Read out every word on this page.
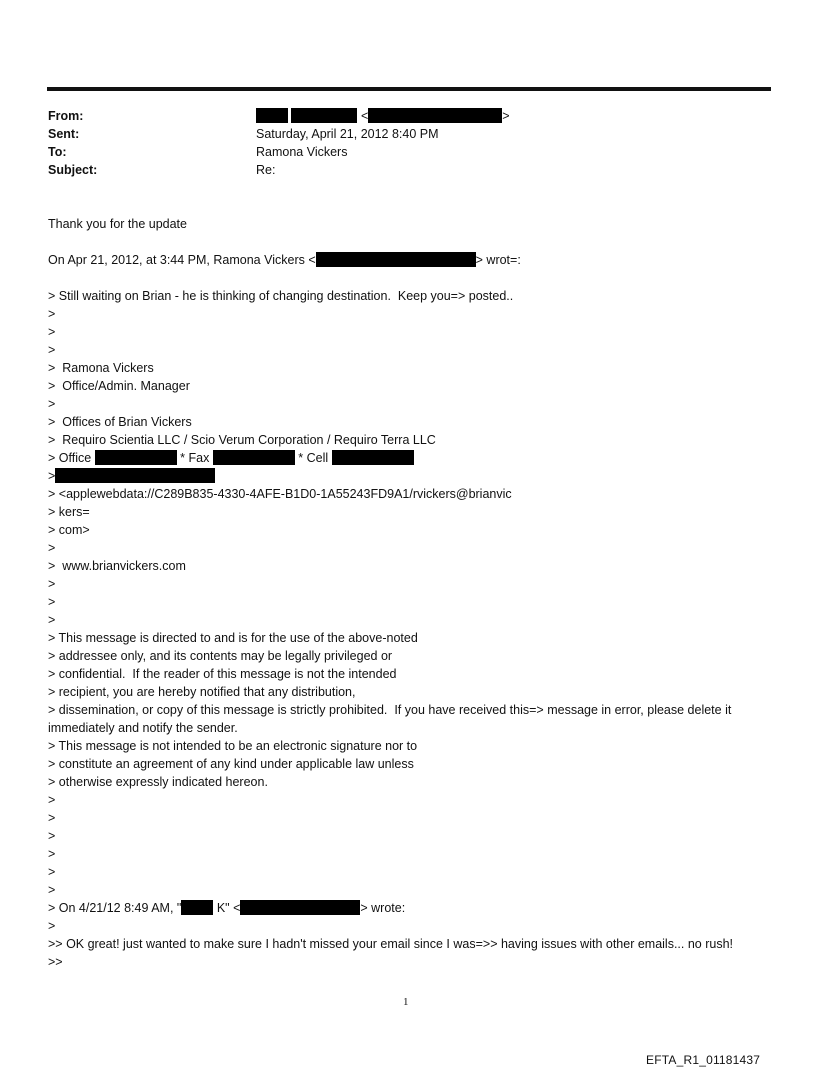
From:	<	>
Sent:	Saturday, April 21, 2012 8:40 PM
To:	Ramona Vickers
Subject:	Re:
Thank you for the update
On Apr 21, 2012, at 3:44 PM, Ramona Vickers <	> wrot=:
> Still waiting on Brian - he is thinking of changing destination.  Keep you=> posted..
>
>
>
>  Ramona Vickers
>  Office/Admin. Manager
>
>  Offices of Brian Vickers
>  Requiro Scientia LLC / Scio Verum Corporation / Requiro Terra LLC
> Office	* Fax	* Cell
>
> <applewebdata://C289B835-4330-4AFE-B1D0-1A55243FD9A1/rvickers@brianvic
> kers=
> com>
>
>  www.brianvickers.com
>
>
>
> This message is directed to and is for the use of the above-noted
> addressee only, and its contents may be legally privileged or
> confidential.  If the reader of this message is not the intended
> recipient, you are hereby notified that any distribution,
> dissemination, or copy of this message is strictly prohibited.  If you have received this=> message in error, please delete it immediately and notify the sender.
> This message is not intended to be an electronic signature nor to
> constitute an agreement of any kind under applicable law unless
> otherwise expressly indicated hereon.
>
>
>
>
>
>
> On 4/21/12 8:49 AM, "	K" <	> wrote:
>
>> OK great! just wanted to make sure I hadn't missed your email since I was=>> having issues with other emails... no rush!
>>
1
EFTA_R1_01181437
